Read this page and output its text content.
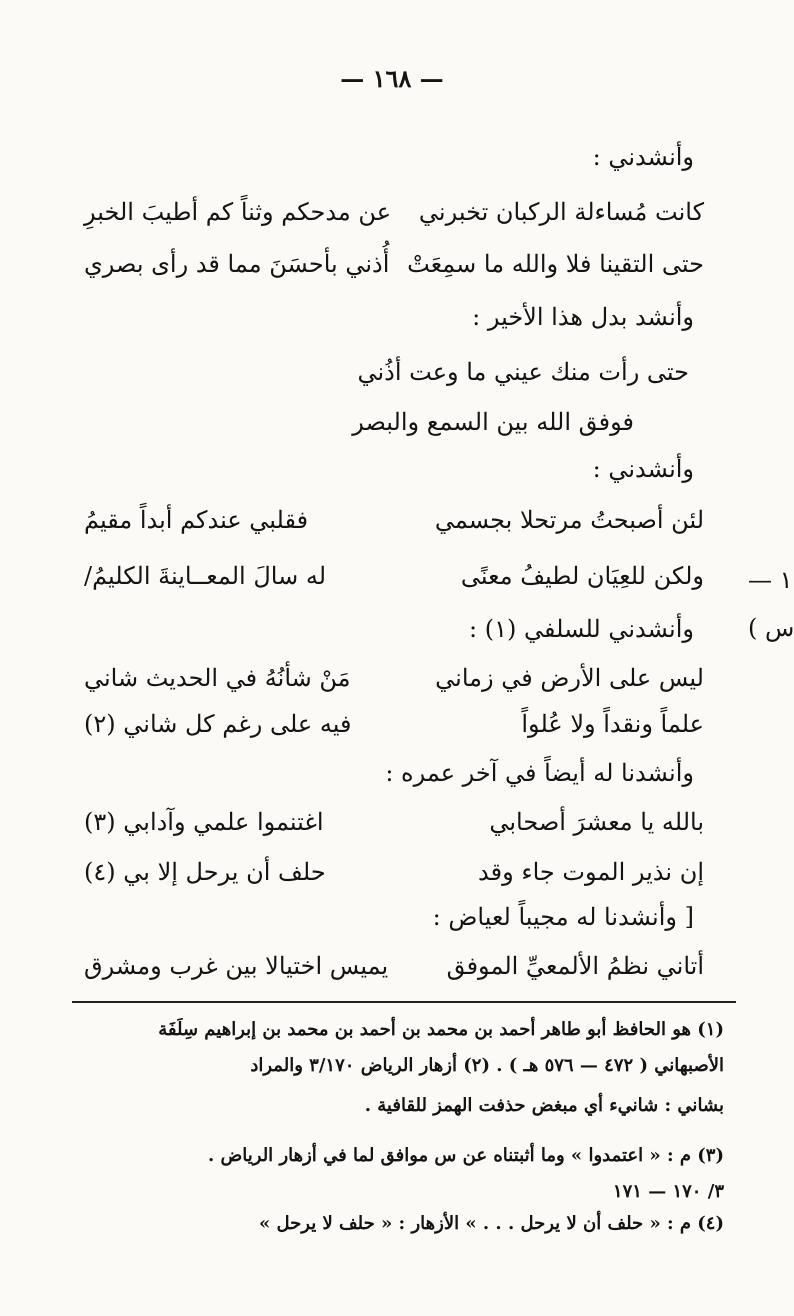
— ١٦٨ —
وأنشدني :
كانت مُساءلة الركبان تخبرني
عن مدحكم وثناً كم أطيبَ الخبرِ
حتى التقينا فلا والله ما سمِعَتْ
أُذني بأحسَنَ مما قد رأى بصري
وأنشد بدل هذا الأخير :
حتى رأت منك عيني ما وعت أذُني
فوفق الله بين السمع والبصر
وأنشدني :
لئن أصبحتُ مرتحلا بجسمي
فقلبي عندكم أبداً مقيمُ
ولكن للعِيَان لطيفُ معنًى
له سالَ المعــاينةَ الكليمُ/
وأنشدني للسلفي (١) :
ليس على الأرض في زماني
مَنْ شأنُهُ في الحديث شاني
علماً ونقداً ولا عُلواً
فيه على رغم كل شاني (٢)
وأنشدنا له أيضاً في آخر عمره :
بالله يا معشرَ أصحابي
اغتنموا علمي وآدابي (٣)
إن نذير الموت جاء وقد
حلف أن يرحل إلا بي (٤)
[ وأنشدنا له مجيباً لعياض :
أتاني نظمُ الألمعيِّ الموفق
يميس اختيالا بين غرب ومشرق
— ١
( س
(١) هو الحافظ أبو طاهر أحمد بن محمد بن أحمد بن محمد بن إبراهيم سِلَفَة
الأصبهاني ( ٤٧٢ — ٥٧٦ هـ ) . (٢) أزهار الرياض ٣/١٧٠ والمراد
بشاني : شانيء أي مبغض حذفت الهمز للقافية .
(٣) م : « اعتمدوا » وما أثبتناه عن س موافق لما في أزهار الرياض .
٣/ ١٧٠ — ١٧١
(٤) م : « حلف أن لا يرحل . . . » الأزهار : « حلف لا يرحل »
